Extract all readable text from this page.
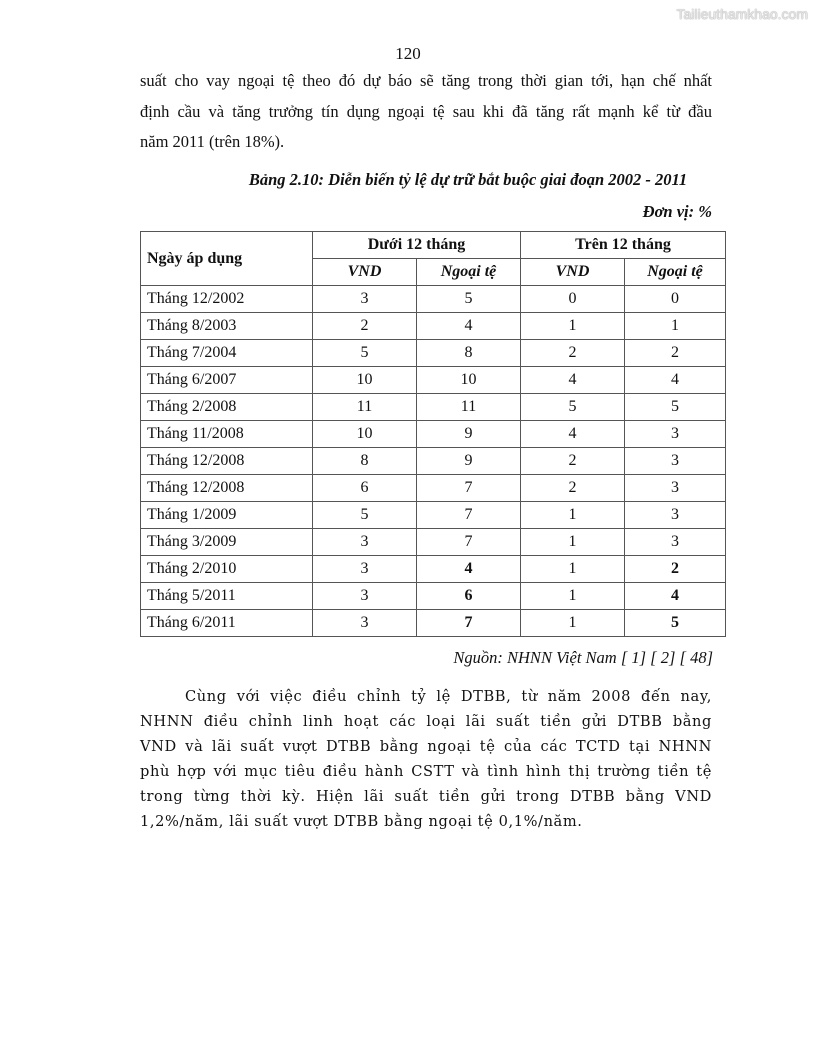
Tailieuthamkhao.com
120
suất cho vay ngoại tệ theo đó dự báo sẽ tăng trong thời gian tới, hạn chế nhất
định cầu và tăng trưởng tín dụng ngoại tệ sau khi đã tăng rất mạnh kể từ đầu
năm 2011 (trên 18%).
Bảng 2.10: Diễn biến tỷ lệ dự trữ bắt buộc giai đoạn 2002 - 2011
Đơn vị: %
Ngày áp dụng	Dưới 12 tháng		Trên 12 tháng	
	VND	Ngoại tệ	VND	Ngoại tệ
Tháng 12/2002	3	5	0	0
Tháng 8/2003	2	4	1	1
Tháng 7/2004	5	8	2	2
Tháng 6/2007	10	10	4	4
Tháng 2/2008	11	11	5	5
Tháng 11/2008	10	9	4	3
Tháng 12/2008	8	9	2	3
Tháng 12/2008	6	7	2	3
Tháng 1/2009	5	7	1	3
Tháng 3/2009	3	7	1	3
Tháng 2/2010	3	4	1	2
Tháng 5/2011	3	6	1	4
Tháng 6/2011	3	7	1	5
Nguồn: NHNN Việt Nam [ 1] [ 2] [ 48]
Cùng với việc điều chỉnh tỷ lệ DTBB, từ năm 2008 đến nay,
NHNN điều chỉnh linh hoạt các loại lãi suất tiền gửi DTBB bằng
VND và lãi suất vượt DTBB bằng ngoại tệ của các TCTD tại NHNN
phù hợp với mục tiêu điều hành CSTT và tình hình thị trường tiền tệ
trong từng thời kỳ. Hiện lãi suất tiền gửi trong DTBB bằng VND
1,2%/năm, lãi suất vượt DTBB bằng ngoại tệ 0,1%/năm.
